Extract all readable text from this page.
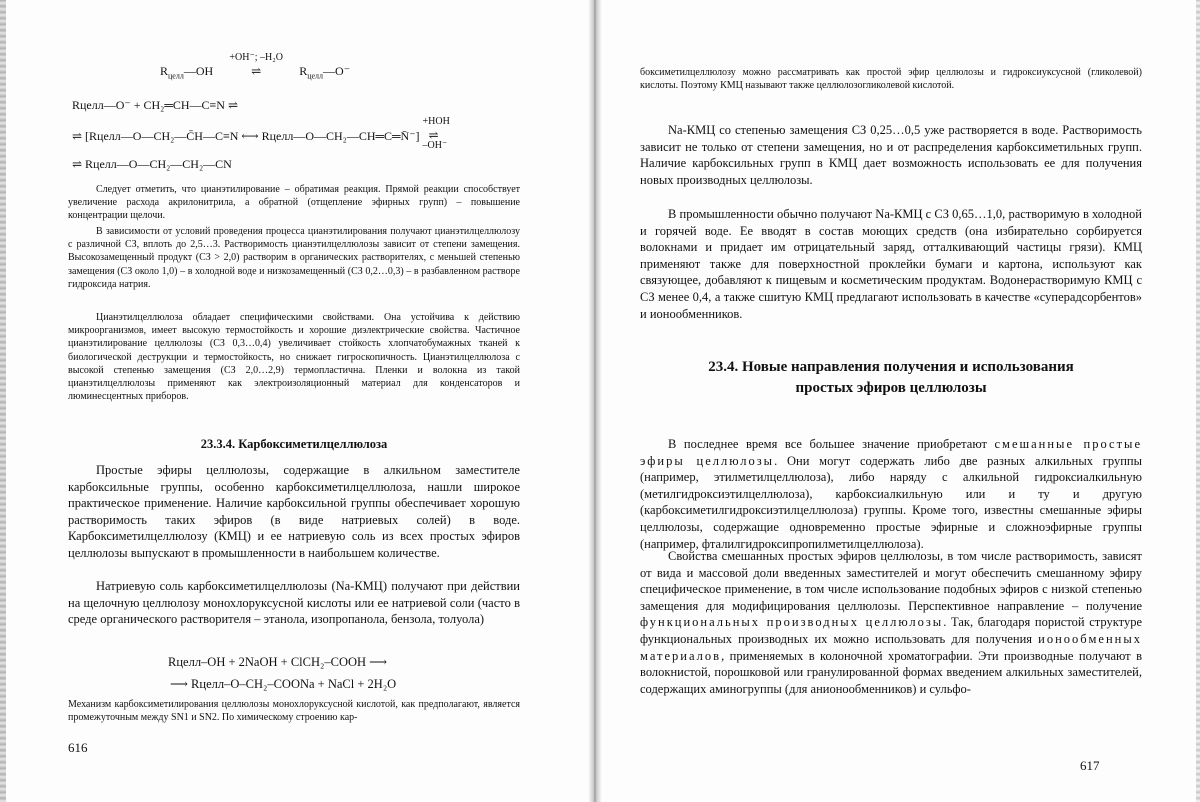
$R_{целл}—OH$
+OH⁻; –H₂O
⇌	$R_{целл}—O^-$
Rцелл—O⁻ + CH₂═CH—C≡N ⇌
⇌ [Rцелл—O—CH₂—C̄H—C≡N ⟷ Rцелл—O—CH₂—CH═C═N̄⁻]
+HOH
⇌
–OH⁻
⇌ Rцелл—O—CH₂—CH₂—CN

Следует отметить, что цианэтилирование – обратимая реакция. Прямой реакции способствует увеличение расхода акрилонитрила, а обратной (отщепление эфирных групп) – повышение концентрации щелочи.

В зависимости от условий проведения процесса цианэтилирования получают цианэтилцеллюлозу с различной СЗ, вплоть до 2,5…3. Растворимость цианэтилцеллюлозы зависит от степени замещения. Высокозамещенный продукт (СЗ > 2,0) растворим в органических растворителях, с меньшей степенью замещения (СЗ около 1,0) – в холодной воде и низкозамещенный (СЗ 0,2…0,3) – в разбавленном растворе гидроксида натрия.

Цианэтилцеллюлоза обладает специфическими свойствами. Она устойчива к действию микроорганизмов, имеет высокую термостойкость и хорошие диэлектрические свойства. Частичное цианэтилирование целлюлозы (СЗ 0,3…0,4) увеличивает стойкость хлопчатобумажных тканей к биологической деструкции и термостойкость, но снижает гигроскопичность. Цианэтилцеллюлоза с высокой степенью замещения (СЗ 2,0…2,9) термопластична. Пленки и волокна из такой цианэтилцеллюлозы применяют как электроизоляционный материал для конденсаторов и люминесцентных приборов.

23.3.4. Карбоксиметилцеллюлоза

Простые эфиры целлюлозы, содержащие в алкильном заместителе карбоксильные группы, особенно карбоксиметилцеллюлоза, нашли широкое практическое применение. Наличие карбоксильной группы обеспечивает хорошую растворимость таких эфиров (в виде натриевых солей) в воде. Карбоксиметилцеллюлозу (КМЦ) и ее натриевую соль из всех простых эфиров целлюлозы выпускают в промышленности в наибольшем количестве.

Натриевую соль карбоксиметилцеллюлозы (Na-КМЦ) получают при действии на щелочную целлюлозу монохлоруксусной кислоты или ее натриевой соли (часто в среде органического растворителя – этанола, изопропанола, бензола, толуола)

Rцелл–OH + 2NaOH + ClCH₂–COOH ⟶
⟶ Rцелл–O–CH₂–COONa + NaCl + 2H₂O

Механизм карбоксиметилирования целлюлозы монохлоруксусной кислотой, как предполагают, является промежуточным между SN1 и SN2. По химическому строению кар-

616

боксиметилцеллюлозу можно рассматривать как простой эфир целлюлозы и гидроксиуксусной (гликолевой) кислоты. Поэтому КМЦ называют также целлюлозогликолевой кислотой.

Na-КМЦ со степенью замещения СЗ 0,25…0,5 уже растворяется в воде. Растворимость зависит не только от степени замещения, но и от распределения карбоксиметильных групп. Наличие карбоксильных групп в КМЦ дает возможность использовать ее для получения новых производных целлюлозы.

В промышленности обычно получают Na-КМЦ с СЗ 0,65…1,0, растворимую в холодной и горячей воде. Ее вводят в состав моющих средств (она избирательно сорбируется волокнами и придает им отрицательный заряд, отталкивающий частицы грязи). КМЦ применяют также для поверхностной проклейки бумаги и картона, используют как связующее, добавляют к пищевым и косметическим продуктам. Водонерастворимую КМЦ с СЗ менее 0,4, а также сшитую КМЦ предлагают использовать в качестве «суперадсорбентов» и ионообменников.

23.4. Новые направления получения и использования
простых эфиров целлюлозы

В последнее время все большее значение приобретают смешанные простые эфиры целлюлозы. Они могут содержать либо две разных алкильных группы (например, этилметилцеллюлоза), либо наряду с алкильной гидроксиалкильную (метилгидроксиэтилцеллюлоза), карбоксиалкильную или и ту и другую (карбоксиметилгидроксиэтилцеллюлоза) группы. Кроме того, известны смешанные эфиры целлюлозы, содержащие одновременно простые эфирные и сложноэфирные группы (например, фталилгидроксипропилметилцеллюлоза).

Свойства смешанных простых эфиров целлюлозы, в том числе растворимость, зависят от вида и массовой доли введенных заместителей и могут обеспечить смешанному эфиру специфическое применение, в том числе использование подобных эфиров с низкой степенью замещения для модифицирования целлюлозы. Перспективное направление – получение функциональных производных целлюлозы. Так, благодаря пористой структуре функциональных производных их можно использовать для получения ионообменных материалов, применяемых в колоночной хроматографии. Эти производные получают в волокнистой, порошковой или гранулированной формах введением алкильных заместителей, содержащих аминогруппы (для анионообменников) и сульфо-

617
